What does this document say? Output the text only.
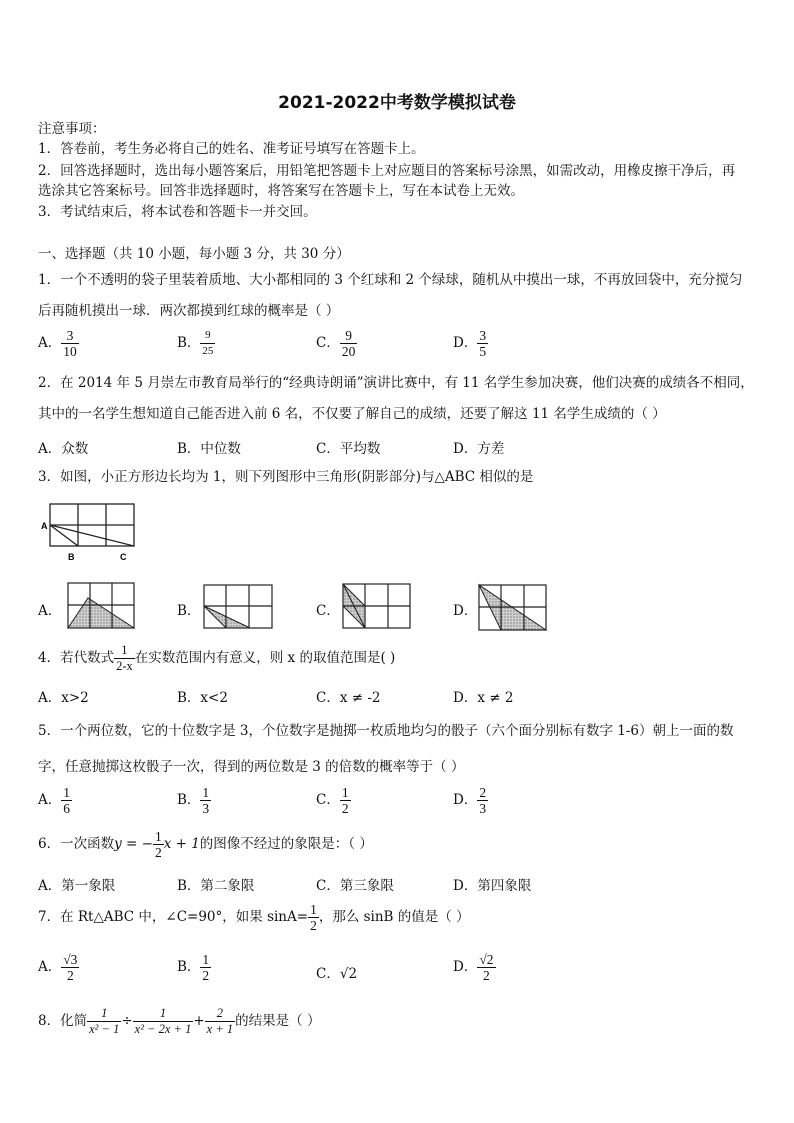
2021-2022中考数学模拟试卷
注意事项：
1．答卷前，考生务必将自己的姓名、准考证号填写在答题卡上。
2．回答选择题时，选出每小题答案后，用铅笔把答题卡上对应题目的答案标号涂黑，如需改动，用橡皮擦干净后，再
选涂其它答案标号。回答非选择题时，将答案写在答题卡上，写在本试卷上无效。
3．考试结束后，将本试卷和答题卡一并交回。
一、选择题（共 10 小题，每小题 3 分，共 30 分）
1．一个不透明的袋子里装着质地、大小都相同的 3 个红球和 2 个绿球，随机从中摸出一球，不再放回袋中，充分搅匀
后再随机摸出一球．两次都摸到红球的概率是（ ）
A． $\frac{3}{10}$	B． $\frac{9}{25}$	C． $\frac{9}{20}$	D． $\frac{3}{5}$
2．在 2014 年 5 月崇左市教育局举行的“经典诗朗诵”演讲比赛中，有 11 名学生参加决赛，他们决赛的成绩各不相同，
其中的一名学生想知道自己能否进入前 6 名，不仅要了解自己的成绩，还要了解这 11 名学生成绩的（ ）
A．众数	B．中位数	C．平均数	D．方差
3．如图，小正方形边长均为 1，则下列图形中三角形(阴影部分)与△ABC 相似的是
A
B	C
A．	B．	C．	D．
4．若代数式 $\frac{1}{2-x}$ 在实数范围内有意义，则 x 的取值范围是( )
A．x>2	B．x<2	C．x ≠ -2	D．x ≠ 2
5．一个两位数，它的十位数字是 3，个位数字是抛掷一枚质地均匀的骰子（六个面分别标有数字 1-6）朝上一面的数
字，任意抛掷这枚骰子一次，得到的两位数是 3 的倍数的概率等于（ ）
A． $\frac{1}{6}$	B． $\frac{1}{3}$	C． $\frac{1}{2}$	D． $\frac{2}{3}$
6．一次函数y = − $\frac{1}{2}$ x + 1的图像不经过的象限是：（ ）
A．第一象限	B．第二象限	C．第三象限	D．第四象限
7．在 Rt△ABC 中，∠C=90°，如果 $\sin A= \frac{1}{2}$ ，那么 sinB 的值是（ ）
A． $\frac{√3}{2}$	B． $\frac{1}{2}$	C．√2	D． $\frac{√2}{2}$
8．化简 $\frac{1}{\text{x² − 1}} \div \frac{1}{\text{x² − 2x + 1}} + \frac{2}{x + 1}$ 的结果是（ ）
